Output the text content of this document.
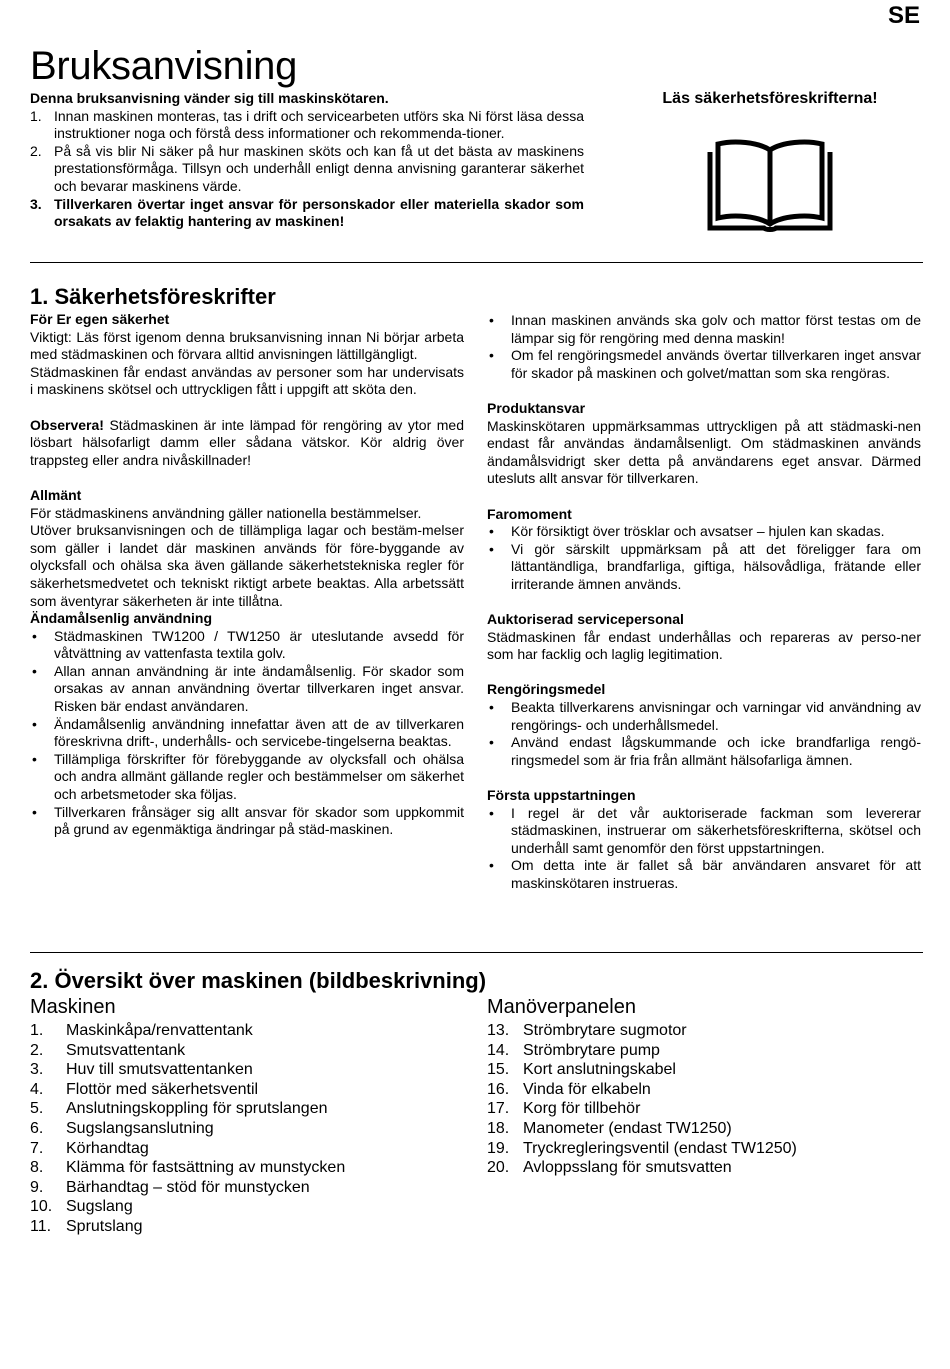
SE
Bruksanvisning

Denna bruksanvisning vänder sig till maskinskötaren.

1. Innan maskinen monteras, tas i drift och servicearbeten utförs ska Ni först läsa dessa instruktioner noga och förstå dess informationer och rekommenda-tioner.
2. På så vis blir Ni säker på hur maskinen sköts och kan få ut det bästa av maskinens prestationsförmåga. Tillsyn och underhåll enligt denna anvisning garanterar säkerhet och bevarar maskinens värde.
3. Tillverkaren övertar inget ansvar för personskador eller materiella skador som orsakats av felaktig hantering av maskinen!
Läs säkerhetsföreskrifterna!
1. Säkerhetsföreskrifter

För Er egen säkerhet

Viktigt: Läs först igenom denna bruksanvisning innan Ni börjar arbeta med städmaskinen och förvara alltid anvisningen lättillgängligt.

Städmaskinen får endast användas av personer som har undervisats i maskinens skötsel och uttryckligen fått i uppgift att sköta den.

Observera! Städmaskinen är inte lämpad för rengöring av ytor med lösbart hälsofarligt damm eller sådana vätskor. Kör aldrig över trappsteg eller andra nivåskillnader!

Allmänt

För städmaskinens användning gäller nationella bestämmelser.

Utöver bruksanvisningen och de tillämpliga lagar och bestäm-melser som gäller i landet där maskinen används för före-byggande av olycksfall och ohälsa ska även gällande säkerhetstekniska regler för säkerhetsmedvetet och tekniskt riktigt arbete beaktas. Alla arbetssätt som äventyrar säkerheten är inte tillåtna.

Ändamålsenlig användning

• Städmaskinen TW1200 / TW1250 är uteslutande avsedd för våtvättning av vattenfasta textila golv.
• Allan annan användning är inte ändamålsenlig. För skador som orsakas av annan användning övertar tillverkaren inget ansvar. Risken bär endast användaren.
• Ändamålsenlig användning innefattar även att de av tillverkaren föreskrivna drift-, underhålls- och servicebe-tingelserna beaktas.
• Tillämpliga förskrifter för förebyggande av olycksfall och ohälsa och andra allmänt gällande regler och bestämmelser om säkerhet och arbetsmetoder ska följas.
• Tillverkaren frånsäger sig allt ansvar för skador som uppkommit på grund av egenmäktiga ändringar på städ-maskinen.
• Innan maskinen används ska golv och mattor först testas om de lämpar sig för rengöring med denna maskin!
• Om fel rengöringsmedel används övertar tillverkaren inget ansvar för skador på maskinen och golvet/mattan som ska rengöras.

Produktansvar

Maskinskötaren uppmärksammas uttryckligen på att städmaski-nen endast får användas ändamålsenligt. Om städmaskinen används ändamålsvidrigt sker detta på användarens eget ansvar. Därmed utesluts allt ansvar för tillverkaren.

Faromoment

• Kör försiktigt över trösklar och avsatser – hjulen kan skadas.
• Vi gör särskilt uppmärksam på att det föreligger fara om lättantändliga, brandfarliga, giftiga, hälsovådliga, frätande eller irriterande ämnen används.

Auktoriserad servicepersonal

Städmaskinen får endast underhållas och repareras av perso-ner som har facklig och laglig legitimation.

Rengöringsmedel

• Beakta tillverkarens anvisningar och varningar vid användning av rengörings- och underhållsmedel.
• Använd endast lågskummande och icke brandfarliga rengö-ringsmedel som är fria från allmänt hälsofarliga ämnen.

Första uppstartningen

• I regel är det vår auktoriserade fackman som levererar städmaskinen, instruerar om säkerhetsföreskrifterna, skötsel och underhåll samt genomför den först uppstartningen.
• Om detta inte är fallet så bär användaren ansvaret för att maskinskötaren instrueras.
2. Översikt över maskinen (bildbeskrivning)
Maskinen
1. Maskinkåpa/renvattentank
2. Smutsvattentank
3. Huv till smutsvattentanken
4. Flottör med säkerhetsventil
5. Anslutningskoppling för sprutslangen
6. Sugslangsanslutning
7. Körhandtag
8. Klämma för fastsättning av munstycken
9. Bärhandtag – stöd för munstycken
10. Sugslang
11. Sprutslang
Manöverpanelen
13. Strömbrytare sugmotor
14. Strömbrytare pump
15. Kort anslutningskabel
16. Vinda för elkabeln
17. Korg för tillbehör
18. Manometer (endast TW1250)
19. Tryckregleringsventil (endast TW1250)
20. Avloppsslang för smutsvatten
